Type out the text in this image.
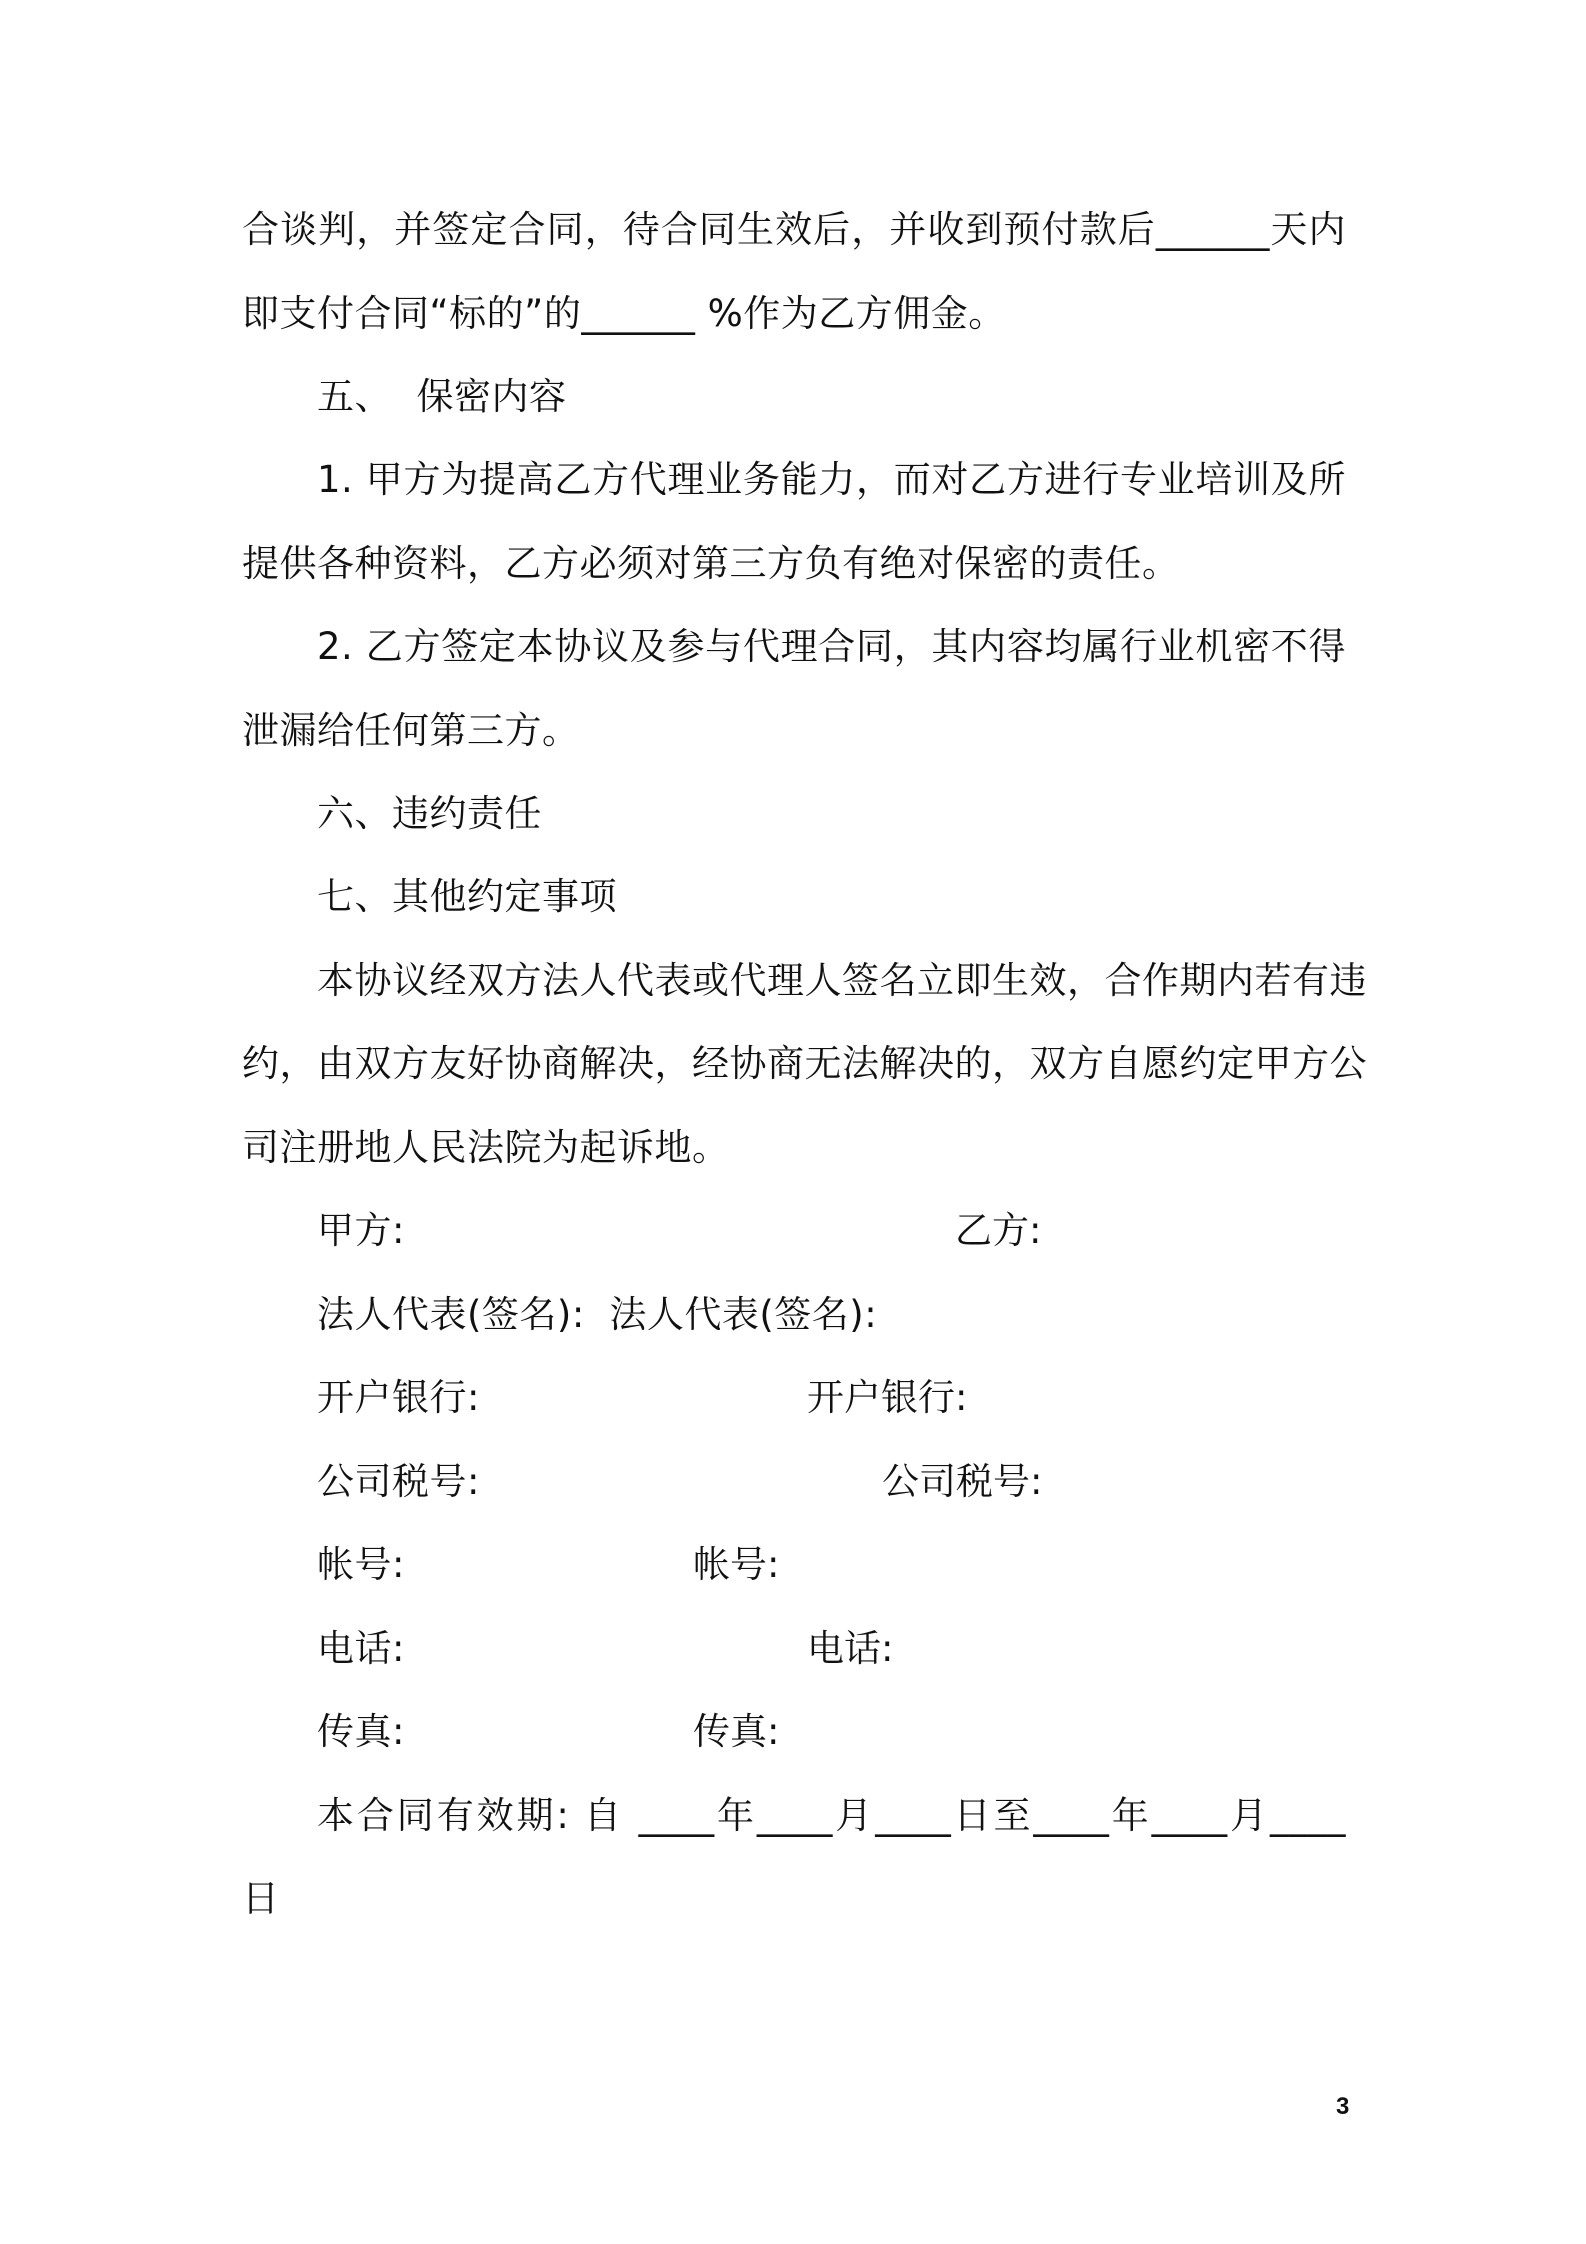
合谈判，并签定合同，待合同生效后，并收到预付款后______天内
即支付合同“标的”的______ %作为乙方佣金。
五、  保密内容
1. 甲方为提高乙方代理业务能力，而对乙方进行专业培训及所
提供各种资料，乙方必须对第三方负有绝对保密的责任。
2. 乙方签定本协议及参与代理合同，其内容均属行业机密不得
泄漏给任何第三方。
六、违约责任
七、其他约定事项
本协议经双方法人代表或代理人签名立即生效，合作期内若有违
约，由双方友好协商解决，经协商无法解决的，双方自愿约定甲方公
司注册地人民法院为起诉地。
甲方:	乙方:
法人代表(签名):  法人代表(签名):
开户银行:	开户银行:
公司税号:	公司税号:
帐号:	帐号:
电话:	电话:
传真:	传真:
本合同有效期: 自 ____年____月____日至____年____月____
日
3
